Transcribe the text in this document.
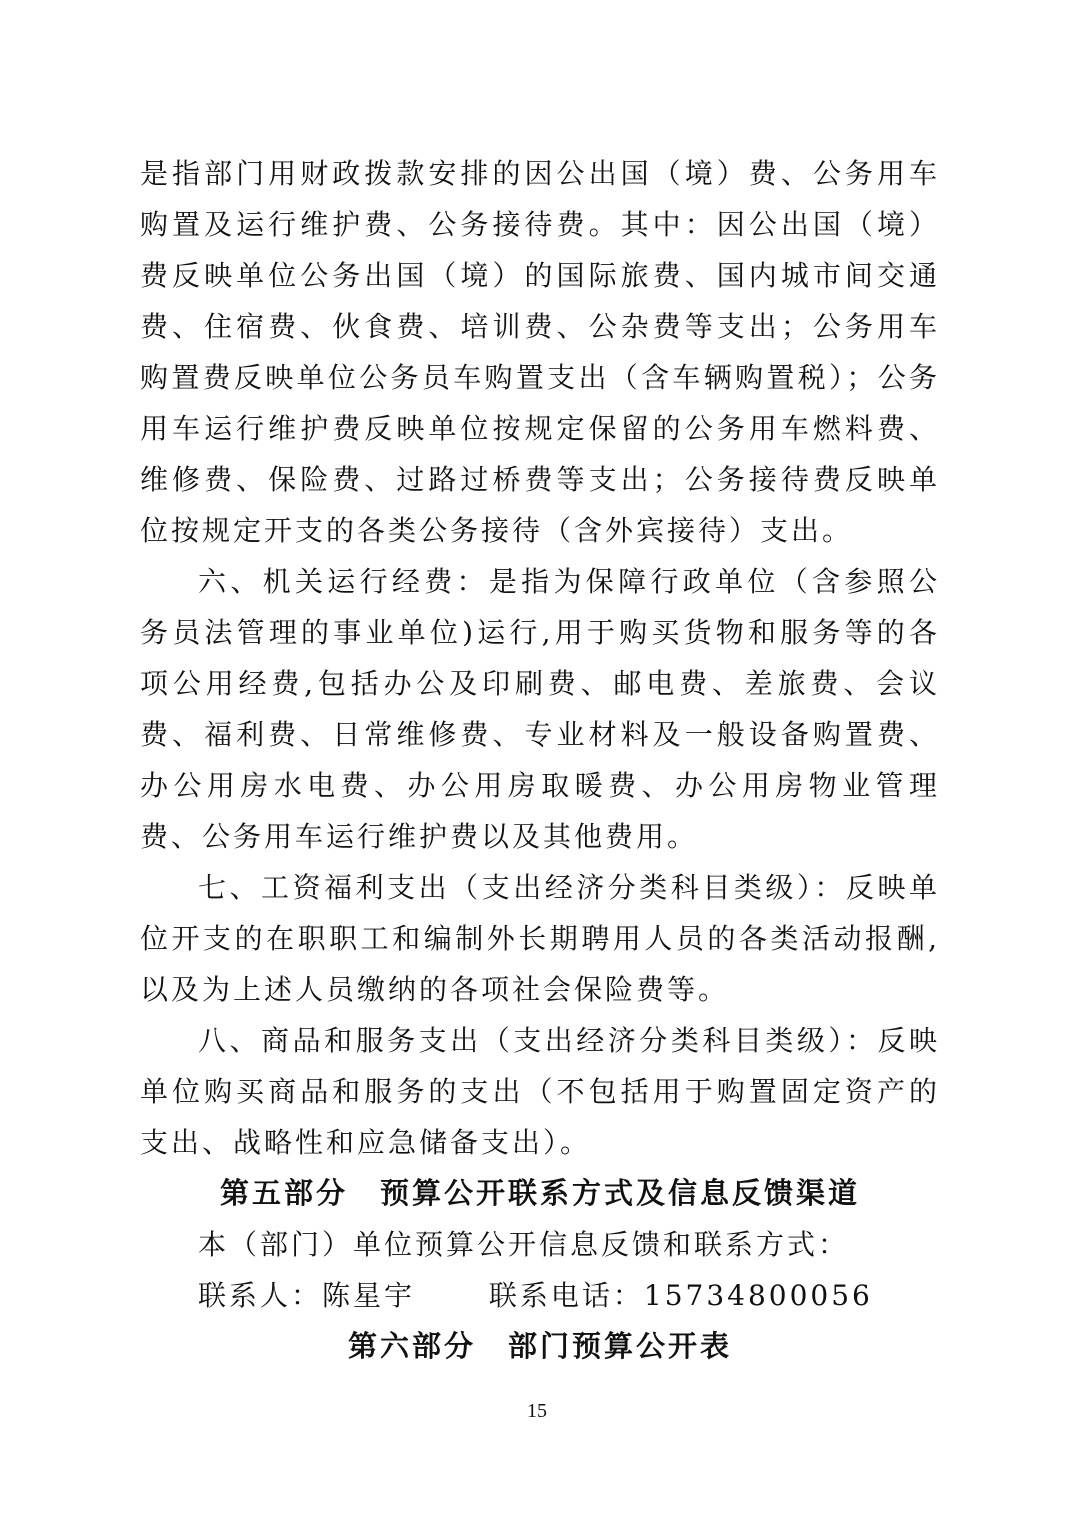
是指部门用财政拨款安排的因公出国（境）费、公务用车购置及运行维护费、公务接待费。其中：因公出国（境）费反映单位公务出国（境）的国际旅费、国内城市间交通费、住宿费、伙食费、培训费、公杂费等支出；公务用车购置费反映单位公务员车购置支出（含车辆购置税）；公务用车运行维护费反映单位按规定保留的公务用车燃料费、维修费、保险费、过路过桥费等支出；公务接待费反映单位按规定开支的各类公务接待（含外宾接待）支出。

六、机关运行经费：是指为保障行政单位（含参照公务员法管理的事业单位)运行,用于购买货物和服务等的各项公用经费,包括办公及印刷费、邮电费、差旅费、会议费、福利费、日常维修费、专业材料及一般设备购置费、办公用房水电费、办公用房取暖费、办公用房物业管理费、公务用车运行维护费以及其他费用。

七、工资福利支出（支出经济分类科目类级）：反映单位开支的在职职工和编制外长期聘用人员的各类活动报酬,以及为上述人员缴纳的各项社会保险费等。

八、商品和服务支出（支出经济分类科目类级）：反映单位购买商品和服务的支出（不包括用于购置固定资产的支出、战略性和应急储备支出）。

第五部分　预算公开联系方式及信息反馈渠道

本（部门）单位预算公开信息反馈和联系方式：

联系人：陈星宇　　 联系电话：15734800056

第六部分　部门预算公开表

15
